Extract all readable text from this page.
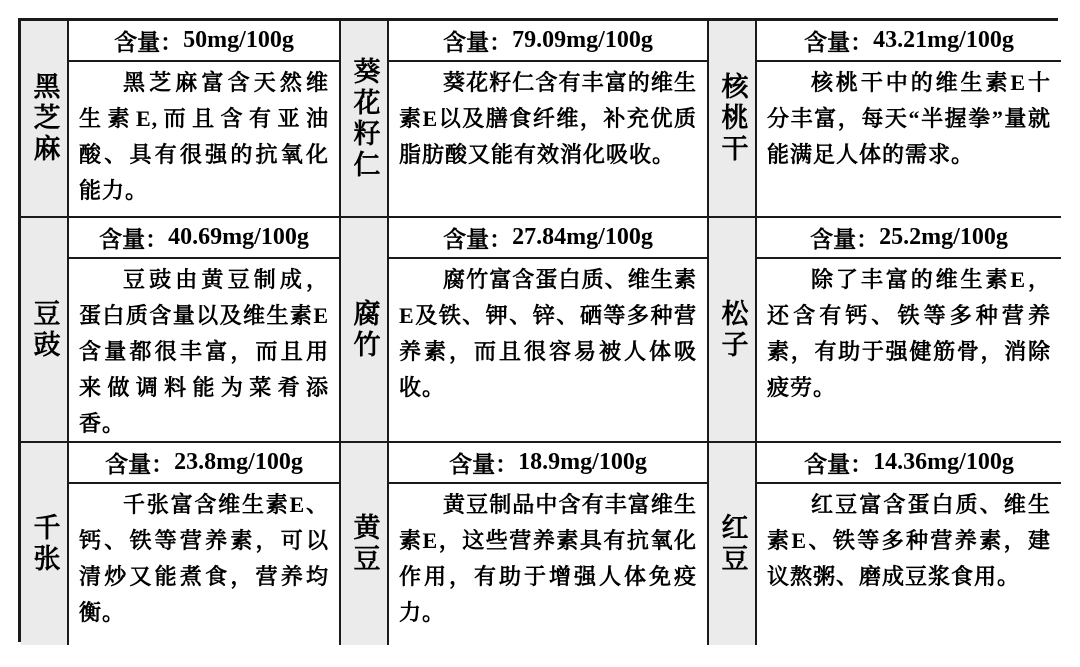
黑芝麻
含量： 50mg/100g
黑芝麻富含天然维生素E,而且含有亚油酸、具有很强的抗氧化能力。
葵花籽仁
含量： 79.09mg/100g
葵花籽仁含有丰富的维生素E以及膳食纤维，补充优质脂肪酸又能有效消化吸收。	核桃干
含量： 43.21mg/100g
核桃干中的维生素E十分丰富，每天“半握拳”量就能满足人体的需求。
豆豉
含量： 40.69mg/100g
豆豉由黄豆制成，蛋白质含量以及维生素E含量都很丰富，而且用来做调料能为菜肴添香。
腐竹
含量： 27.84mg/100g
腐竹富含蛋白质、维生素E及铁、钾、锌、硒等多种营养素，而且很容易被人体吸收。
松子
含量： 25.2mg/100g
除了丰富的维生素E，还含有钙、铁等多种营养素，有助于强健筋骨，消除疲劳。
千张
含量： 23.8mg/100g
千张富含维生素E、钙、铁等营养素，可以清炒又能煮食，营养均衡。
黄豆
含量： 18.9mg/100g
黄豆制品中含有丰富维生素E，这些营养素具有抗氧化作用，有助于增强人体免疫力。
红豆
含量： 14.36mg/100g
红豆富含蛋白质、维生素E、铁等多种营养素，建议熬粥、磨成豆浆食用。
